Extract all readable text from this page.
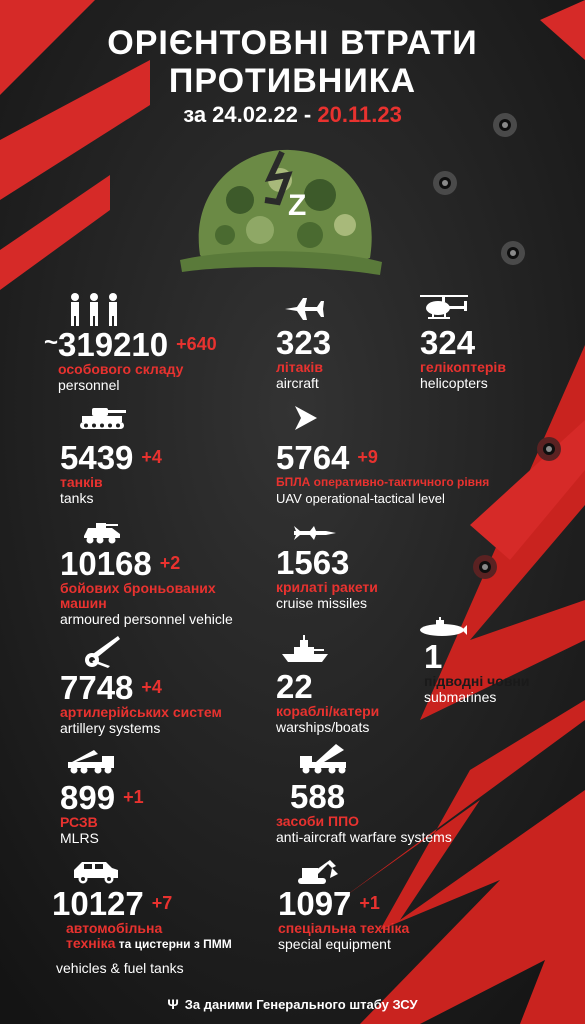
ОРІЄНТОВНІ ВТРАТИ
ПРОТИВНИКА
за 24.02.22 - 20.11.23
Z
~319210 +640
особового складу
personnel
323
літаків
aircraft
324
гелікоптерів
helicopters
5439 +4
танків
tanks
5764 +9
БПЛА оперативно-тактичного рівня
UAV operational-tactical level
10168 +2
бойових броньованих
машин
armoured personnel vehicle
1563
крилаті ракети
cruise missiles
1
підводні човни
submarines
7748 +4
артилерійських систем
artillery systems
22
кораблі/катери
warships/boats
899 +1
РСЗВ
MLRS
588
засоби ППО
anti-aircraft warfare systems
10127 +7
автомобільна
техніка та цистерни з ПММ
vehicles & fuel tanks
1097 +1
спеціальна техніка
special equipment
Ψ За даними Генерального штабу ЗСУ
